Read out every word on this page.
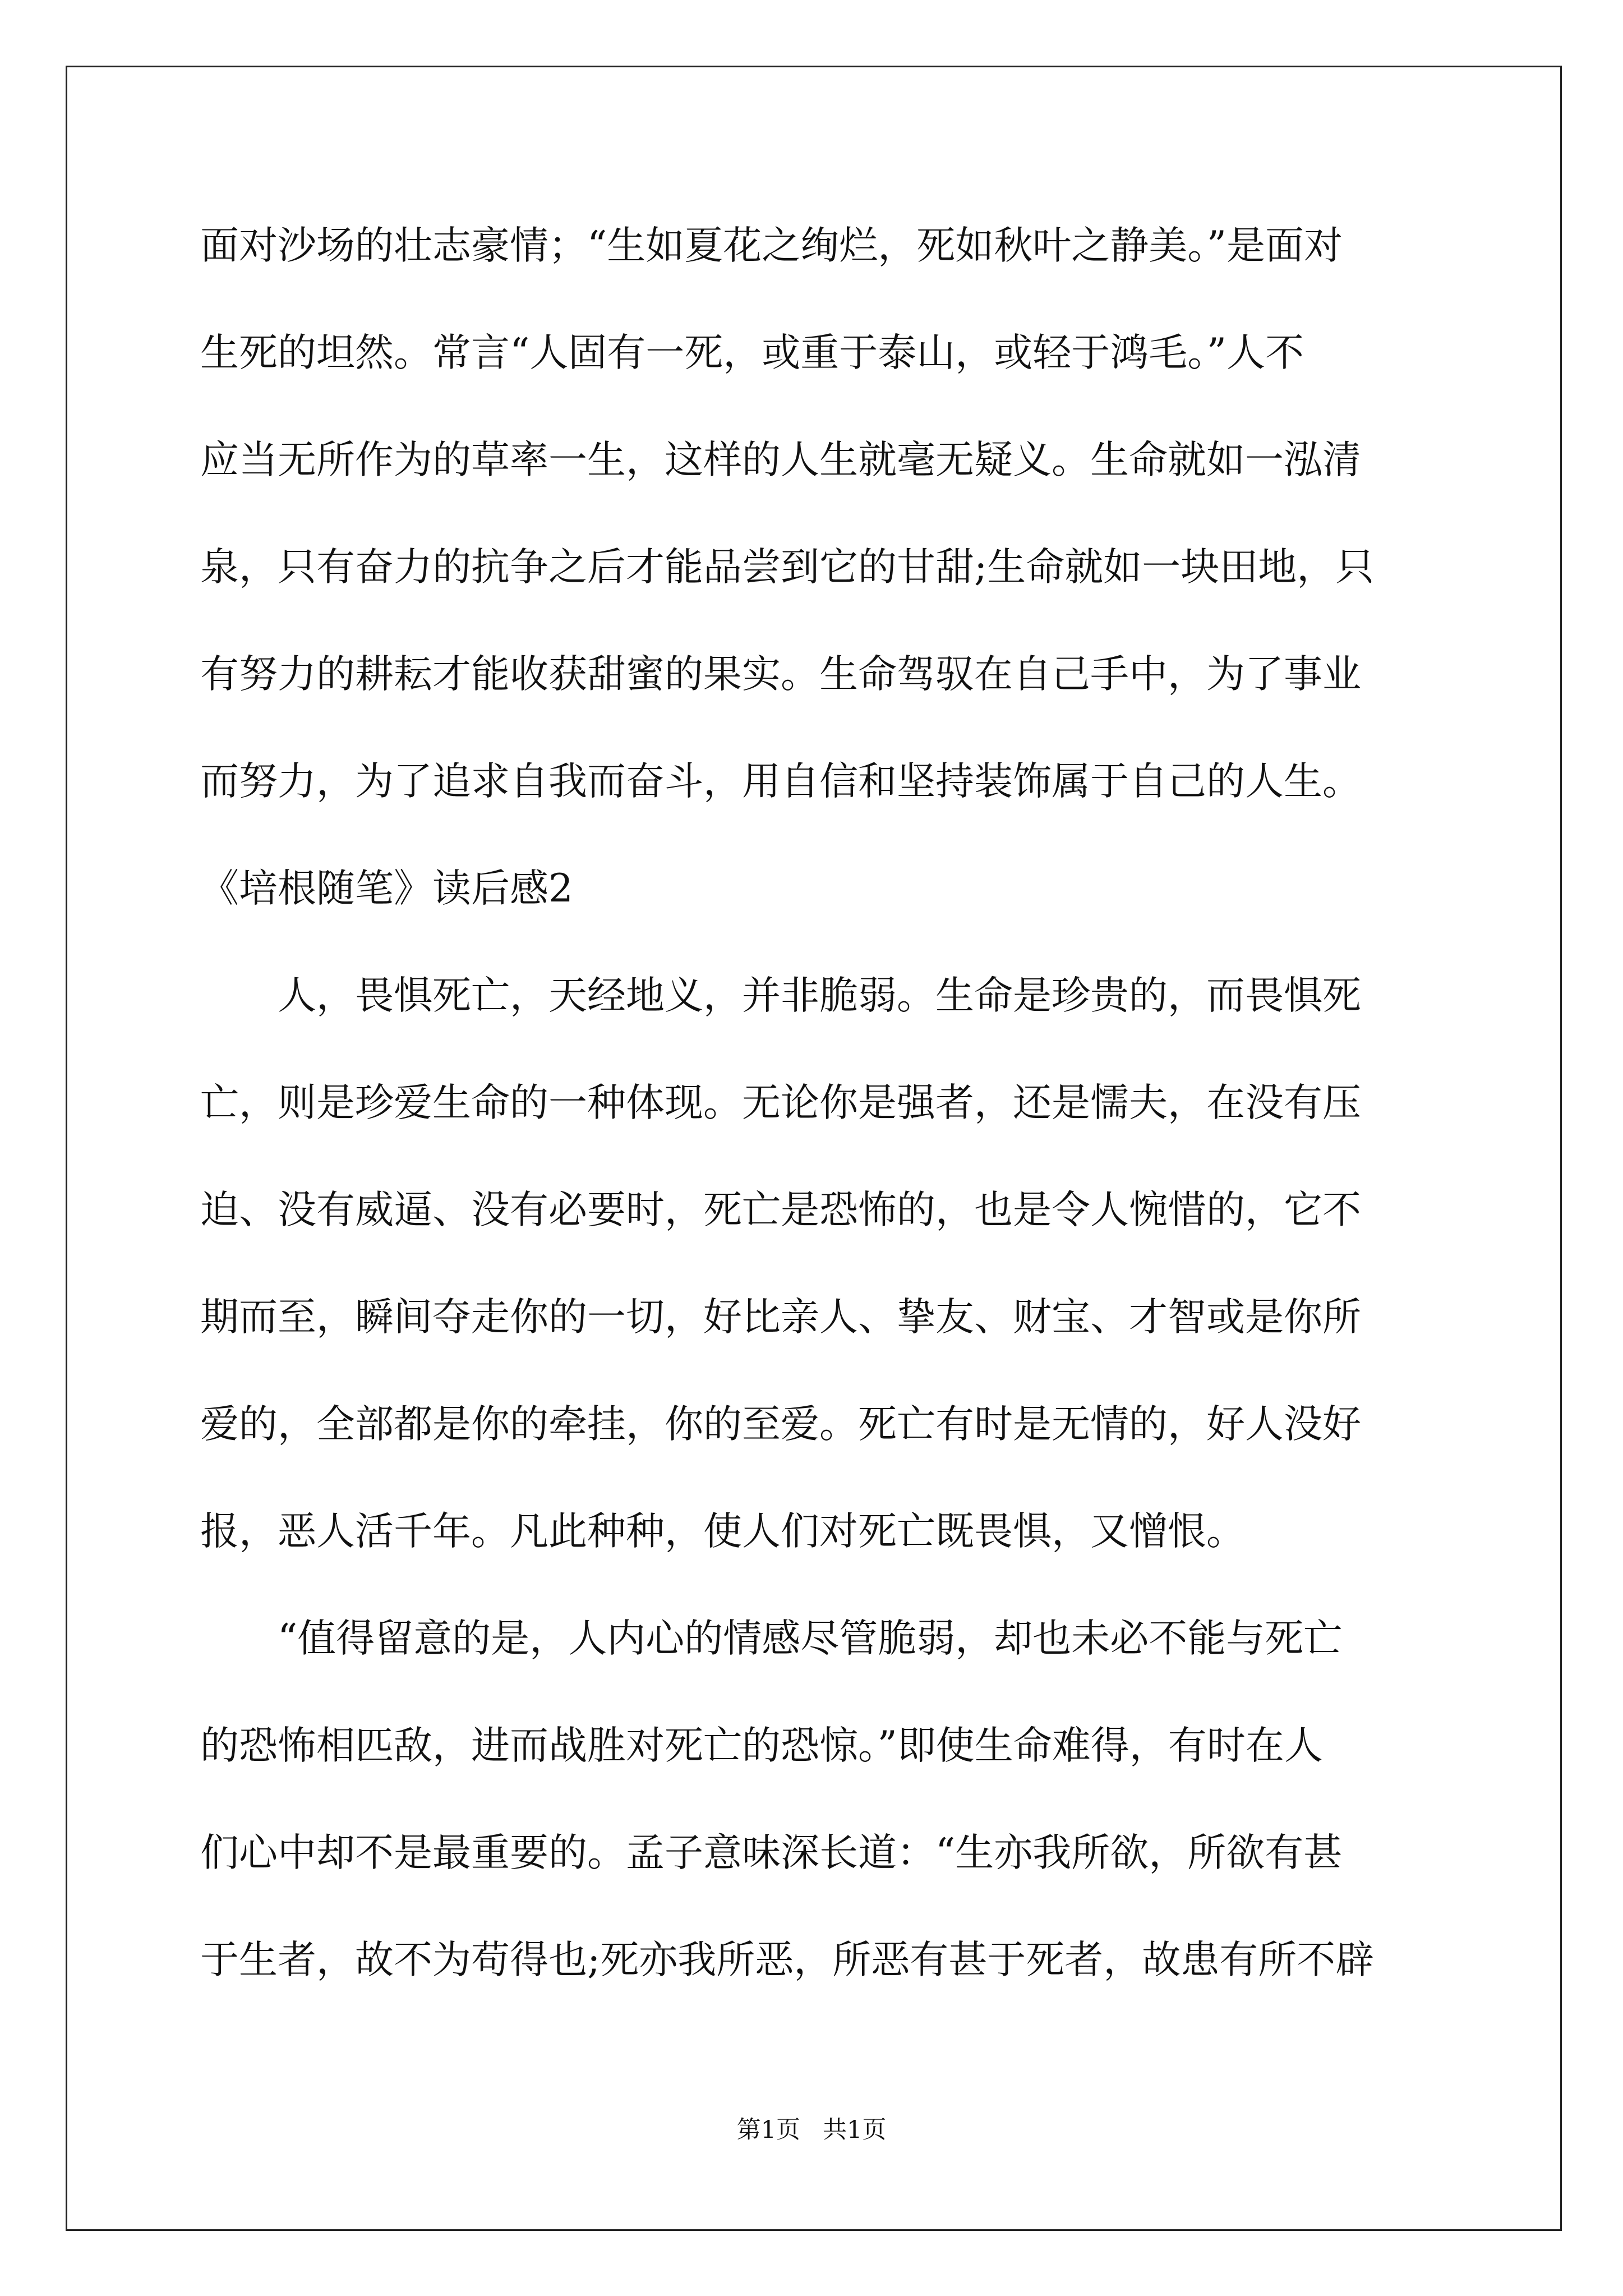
面对沙场的壮志豪情；“生如夏花之绚烂，死如秋叶之静美。”是面对
生死的坦然。常言“人固有一死，或重于泰山，或轻于鸿毛。”人不
应当无所作为的草率一生，这样的人生就毫无疑义。生命就如一泓清
泉，只有奋力的抗争之后才能品尝到它的甘甜;生命就如一块田地，只
有努力的耕耘才能收获甜蜜的果实。生命驾驭在自己手中，为了事业
而努力，为了追求自我而奋斗，用自信和坚持装饰属于自己的人生。
《培根随笔》读后感2
　　人，畏惧死亡，天经地义，并非脆弱。生命是珍贵的，而畏惧死
亡，则是珍爱生命的一种体现。无论你是强者，还是懦夫，在没有压
迫、没有威逼、没有必要时，死亡是恐怖的，也是令人惋惜的，它不
期而至，瞬间夺走你的一切，好比亲人、挚友、财宝、才智或是你所
爱的，全部都是你的牵挂，你的至爱。死亡有时是无情的，好人没好
报，恶人活千年。凡此种种，使人们对死亡既畏惧，又憎恨。
　　“值得留意的是，人内心的情感尽管脆弱，却也未必不能与死亡
的恐怖相匹敌，进而战胜对死亡的恐惊。”即使生命难得，有时在人
们心中却不是最重要的。孟子意味深长道：“生亦我所欲，所欲有甚
于生者，故不为苟得也;死亦我所恶，所恶有甚于死者，故患有所不辟
第1页 共1页
